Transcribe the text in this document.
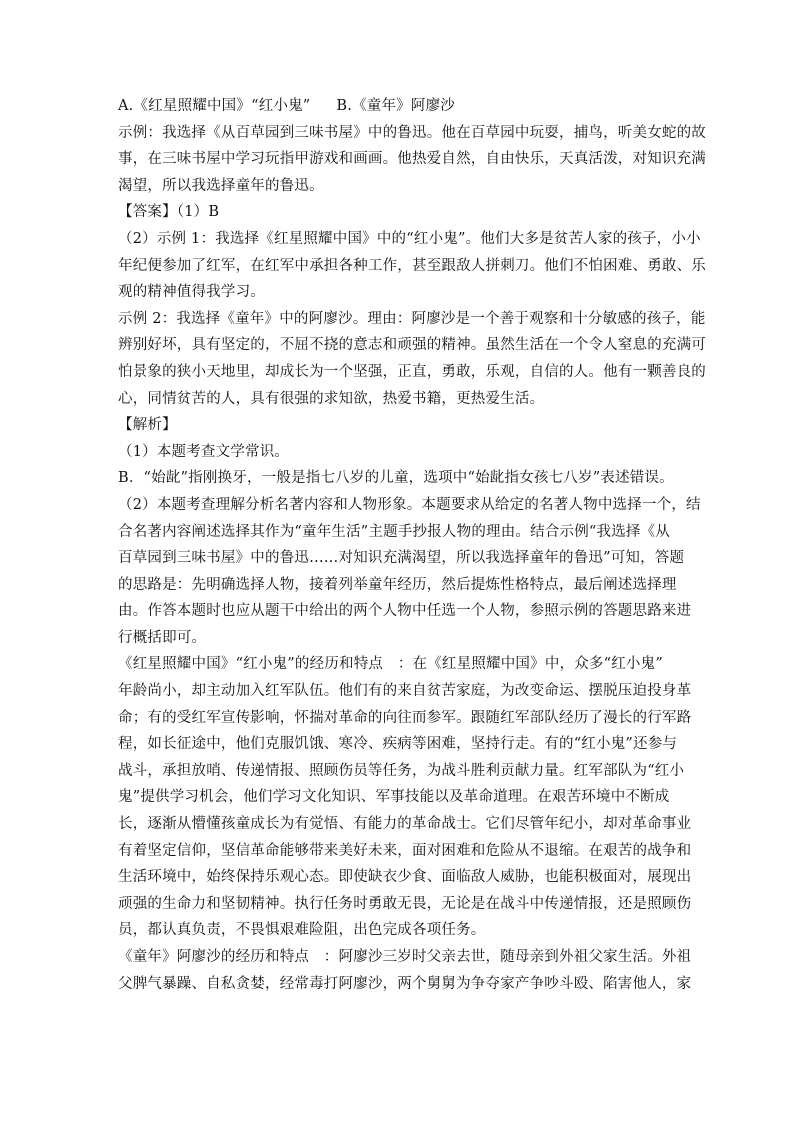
A.《红星照耀中国》“红小鬼” B.《童年》阿廖沙
示例：我选择《从百草园到三味书屋》中的鲁迅。他在百草园中玩耍，捕鸟，听美女蛇的故
事，在三味书屋中学习玩指甲游戏和画画。他热爱自然，自由快乐，天真活泼，对知识充满
渴望，所以我选择童年的鲁迅。
【答案】（1）B
（2）示例 1：我选择《红星照耀中国》中的“红小鬼”。他们大多是贫苦人家的孩子，小小
年纪便参加了红军，在红军中承担各种工作，甚至跟敌人拼刺刀。他们不怕困难、勇敢、乐
观的精神值得我学习。
示例 2：我选择《童年》中的阿廖沙。理由：阿廖沙是一个善于观察和十分敏感的孩子，能
辨别好坏，具有坚定的，不屈不挠的意志和顽强的精神。虽然生活在一个令人窒息的充满可
怕景象的狭小天地里，却成长为一个坚强，正直，勇敢，乐观，自信的人。他有一颗善良的
心，同情贫苦的人，具有很强的求知欲，热爱书籍，更热爱生活。
【解析】
（1）本题考查文学常识。
B．“始龀”指刚换牙，一般是指七八岁的儿童，选项中“始龀指女孩七八岁”表述错误。
（2）本题考查理解分析名著内容和人物形象。本题要求从给定的名著人物中选择一个，结
合名著内容阐述选择其作为“童年生活”主题手抄报人物的理由。结合示例“我选择《从
百草园到三味书屋》中的鲁迅……对知识充满渴望，所以我选择童年的鲁迅”可知，答题
的思路是：先明确选择人物，接着列举童年经历，然后提炼性格特点，最后阐述选择理
由。作答本题时也应从题干中给出的两个人物中任选一个人物，参照示例的答题思路来进
行概括即可。
《红星照耀中国》“红小鬼”的经历和特点　：在《红星照耀中国》中，众多“红小鬼”
年龄尚小，却主动加入红军队伍。他们有的来自贫苦家庭，为改变命运、摆脱压迫投身革
命；有的受红军宣传影响，怀揣对革命的向往而参军。跟随红军部队经历了漫长的行军路
程，如长征途中，他们克服饥饿、寒冷、疾病等困难，坚持行走。有的“红小鬼”还参与
战斗，承担放哨、传递情报、照顾伤员等任务，为战斗胜利贡献力量。红军部队为“红小
鬼”提供学习机会，他们学习文化知识、军事技能以及革命道理。在艰苦环境中不断成
长，逐渐从懵懂孩童成长为有觉悟、有能力的革命战士。它们尽管年纪小，却对革命事业
有着坚定信仰，坚信革命能够带来美好未来，面对困难和危险从不退缩。在艰苦的战争和
生活环境中，始终保持乐观心态。即使缺衣少食、面临敌人威胁，也能积极面对，展现出
顽强的生命力和坚韧精神。执行任务时勇敢无畏，无论是在战斗中传递情报，还是照顾伤
员，都认真负责，不畏惧艰难险阻，出色完成各项任务。
《童年》阿廖沙的经历和特点　：阿廖沙三岁时父亲去世，随母亲到外祖父家生活。外祖
父脾气暴躁、自私贪婪，经常毒打阿廖沙，两个舅舅为争夺家产争吵斗殴、陷害他人，家
